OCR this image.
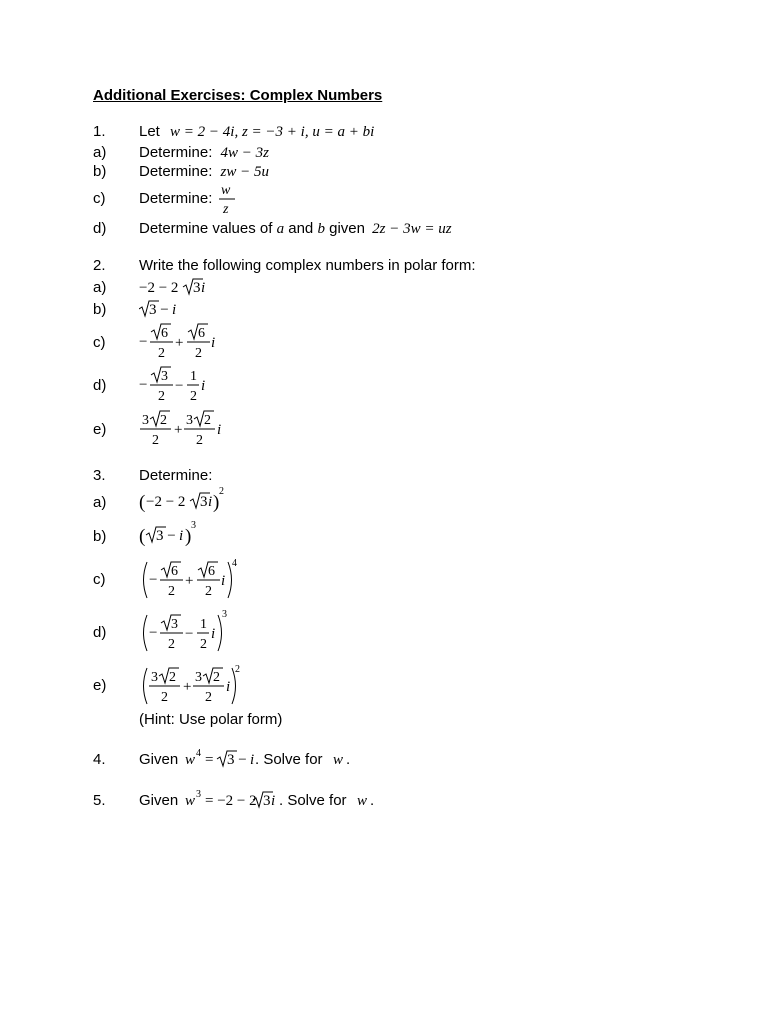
Additional Exercises: Complex Numbers
1. Let w = 2 − 4i, z = −3 + i, u = a + bi
a) Determine: 4w − 3z
b) Determine: zw − 5u
c) Determine: w
z
d) Determine values of a and b given 2z − 3w = uz
2. Write the following complex numbers in polar form:
a) −2 − 2 3 i
b)	3 − i
c) −
6
2
+
6
2
i
d) −
3
2
−
1
2
i
e)
3 2
2
+
3 2
2
i
3. Determine:
a) ( −2 − 2 3 i )
2
b) ( 3 − i )
3
c)	−
6
2
+
6
2
i
4
d)	−
3
2
−
1
2
i
3
e)	3 2
2
+
3 2
2
i
2
(Hint: Use polar form)
4. Given w 4 = 3 − i . Solve for w .
5. Given w 3 = −2 − 2 3 i . Solve for w .
